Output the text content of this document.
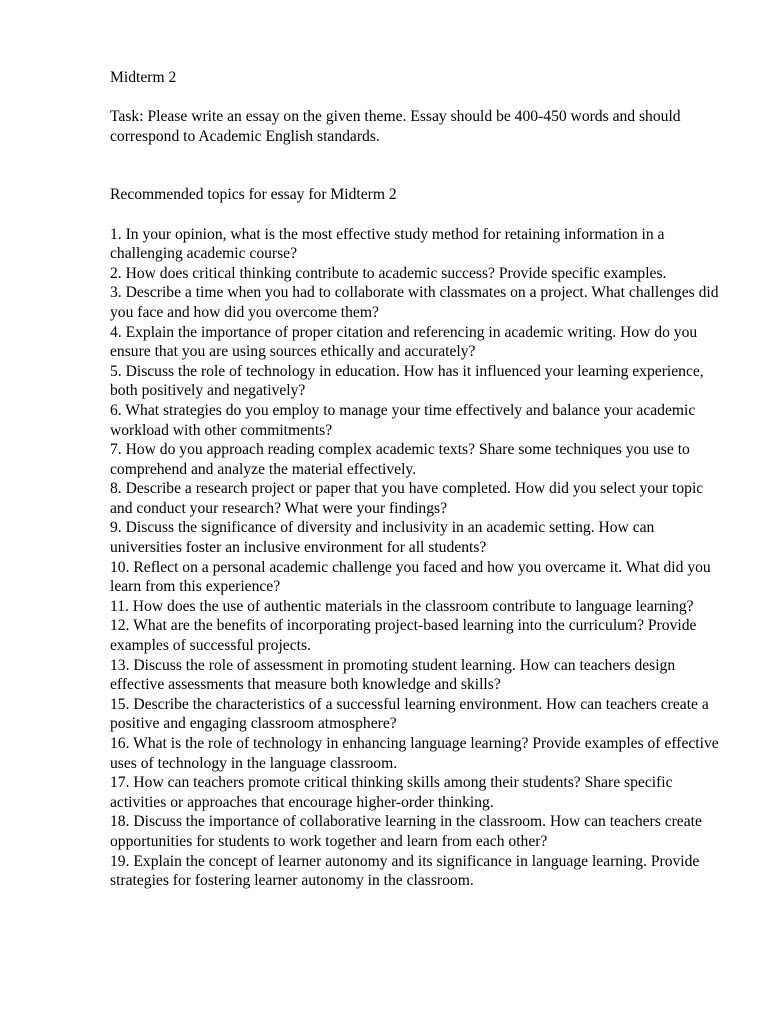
Midterm 2
Task: Please write an essay on the given theme. Essay should be 400-450 words and should correspond to Academic English standards.
Recommended topics for essay for Midterm 2
1. In your opinion, what is the most effective study method for retaining information in a challenging academic course?
2. How does critical thinking contribute to academic success? Provide specific examples.
3. Describe a time when you had to collaborate with classmates on a project. What challenges did you face and how did you overcome them?
4. Explain the importance of proper citation and referencing in academic writing. How do you ensure that you are using sources ethically and accurately?
5. Discuss the role of technology in education. How has it influenced your learning experience, both positively and negatively?
6. What strategies do you employ to manage your time effectively and balance your academic workload with other commitments?
7. How do you approach reading complex academic texts? Share some techniques you use to comprehend and analyze the material effectively.
8. Describe a research project or paper that you have completed. How did you select your topic and conduct your research? What were your findings?
9. Discuss the significance of diversity and inclusivity in an academic setting. How can universities foster an inclusive environment for all students?
10. Reflect on a personal academic challenge you faced and how you overcame it. What did you learn from this experience?
11. How does the use of authentic materials in the classroom contribute to language learning?
12. What are the benefits of incorporating project-based learning into the curriculum? Provide examples of successful projects.
13. Discuss the role of assessment in promoting student learning. How can teachers design effective assessments that measure both knowledge and skills?
15. Describe the characteristics of a successful learning environment. How can teachers create a positive and engaging classroom atmosphere?
16. What is the role of technology in enhancing language learning? Provide examples of effective uses of technology in the language classroom.
17. How can teachers promote critical thinking skills among their students? Share specific activities or approaches that encourage higher-order thinking.
18. Discuss the importance of collaborative learning in the classroom. How can teachers create opportunities for students to work together and learn from each other?
19. Explain the concept of learner autonomy and its significance in language learning. Provide strategies for fostering learner autonomy in the classroom.
